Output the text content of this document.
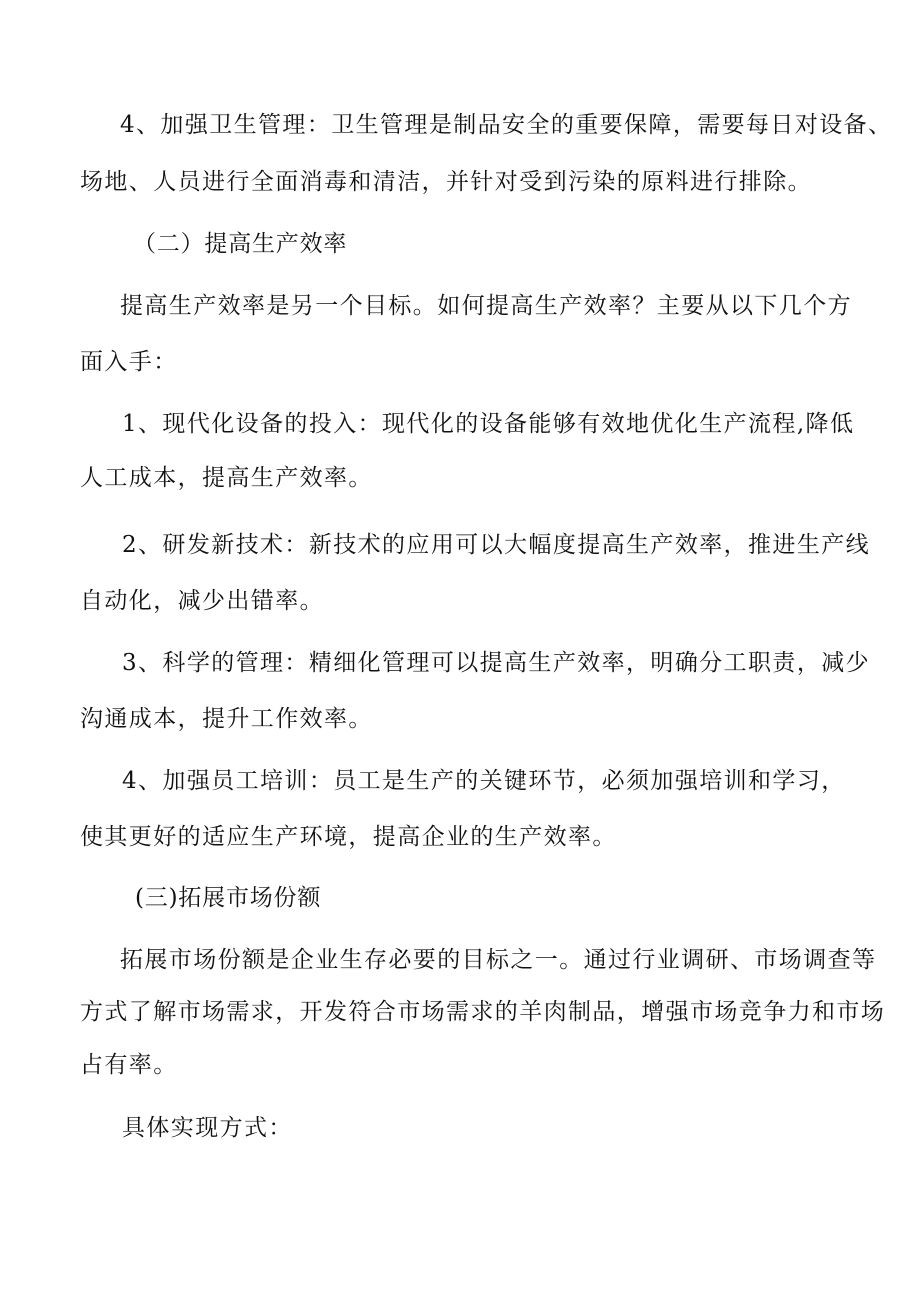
4、加强卫生管理：卫生管理是制品安全的重要保障，需要每日对设备、
场地、人员进行全面消毒和清洁，并针对受到污染的原料进行排除。
（二）提高生产效率
提高生产效率是另一个目标。如何提高生产效率？主要从以下几个方
面入手：
1、现代化设备的投入：现代化的设备能够有效地优化生产流程,降低
人工成本，提高生产效率。
2、研发新技术：新技术的应用可以大幅度提高生产效率，推进生产线
自动化，减少出错率。
3、科学的管理：精细化管理可以提高生产效率，明确分工职责，减少
沟通成本，提升工作效率。
4、加强员工培训：员工是生产的关键环节，必须加强培训和学习，
使其更好的适应生产环境，提高企业的生产效率。
(三)拓展市场份额
拓展市场份额是企业生存必要的目标之一。通过行业调研、市场调查等
方式了解市场需求，开发符合市场需求的羊肉制品，增强市场竞争力和市场
占有率。
具体实现方式：
